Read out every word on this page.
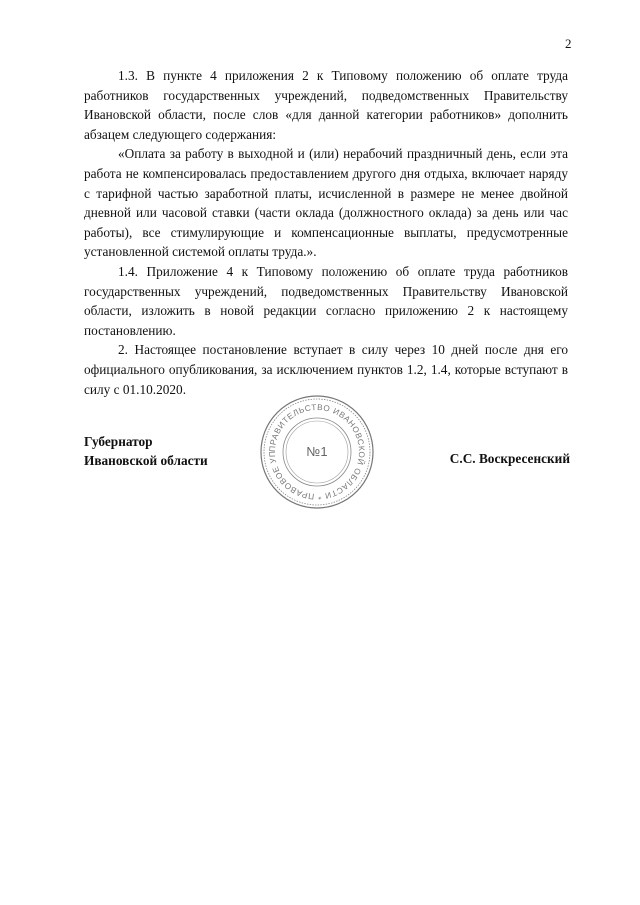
2

1.3. В пункте 4 приложения 2 к Типовому положению об оплате труда работников государственных учреждений, подведомственных Правительству Ивановской области, после слов «для данной категории работников» дополнить абзацем следующего содержания:

«Оплата за работу в выходной и (или) нерабочий праздничный день, если эта работа не компенсировалась предоставлением другого дня отдыха, включает наряду с тарифной частью заработной платы, исчисленной в размере не менее двойной дневной или часовой ставки (части оклада (должностного оклада) за день или час работы), все стимулирующие и компенсационные выплаты, предусмотренные установленной системой оплаты труда.».

1.4. Приложение 4 к Типовому положению об оплате труда работников государственных учреждений, подведомственных Правительству Ивановской области, изложить в новой редакции согласно приложению 2 к настоящему постановлению.

2. Настоящее постановление вступает в силу через 10 дней после дня его официального опубликования, за исключением пунктов 1.2, 1.4, которые вступают в силу с 01.10.2020.

Губернатор
Ивановской области
ПРАВИТЕЛЬСТВО ИВАНОВСКОЙ ОБЛАСТИ * ПРАВОВОЕ УП	№1	С.С. Воскресенский
